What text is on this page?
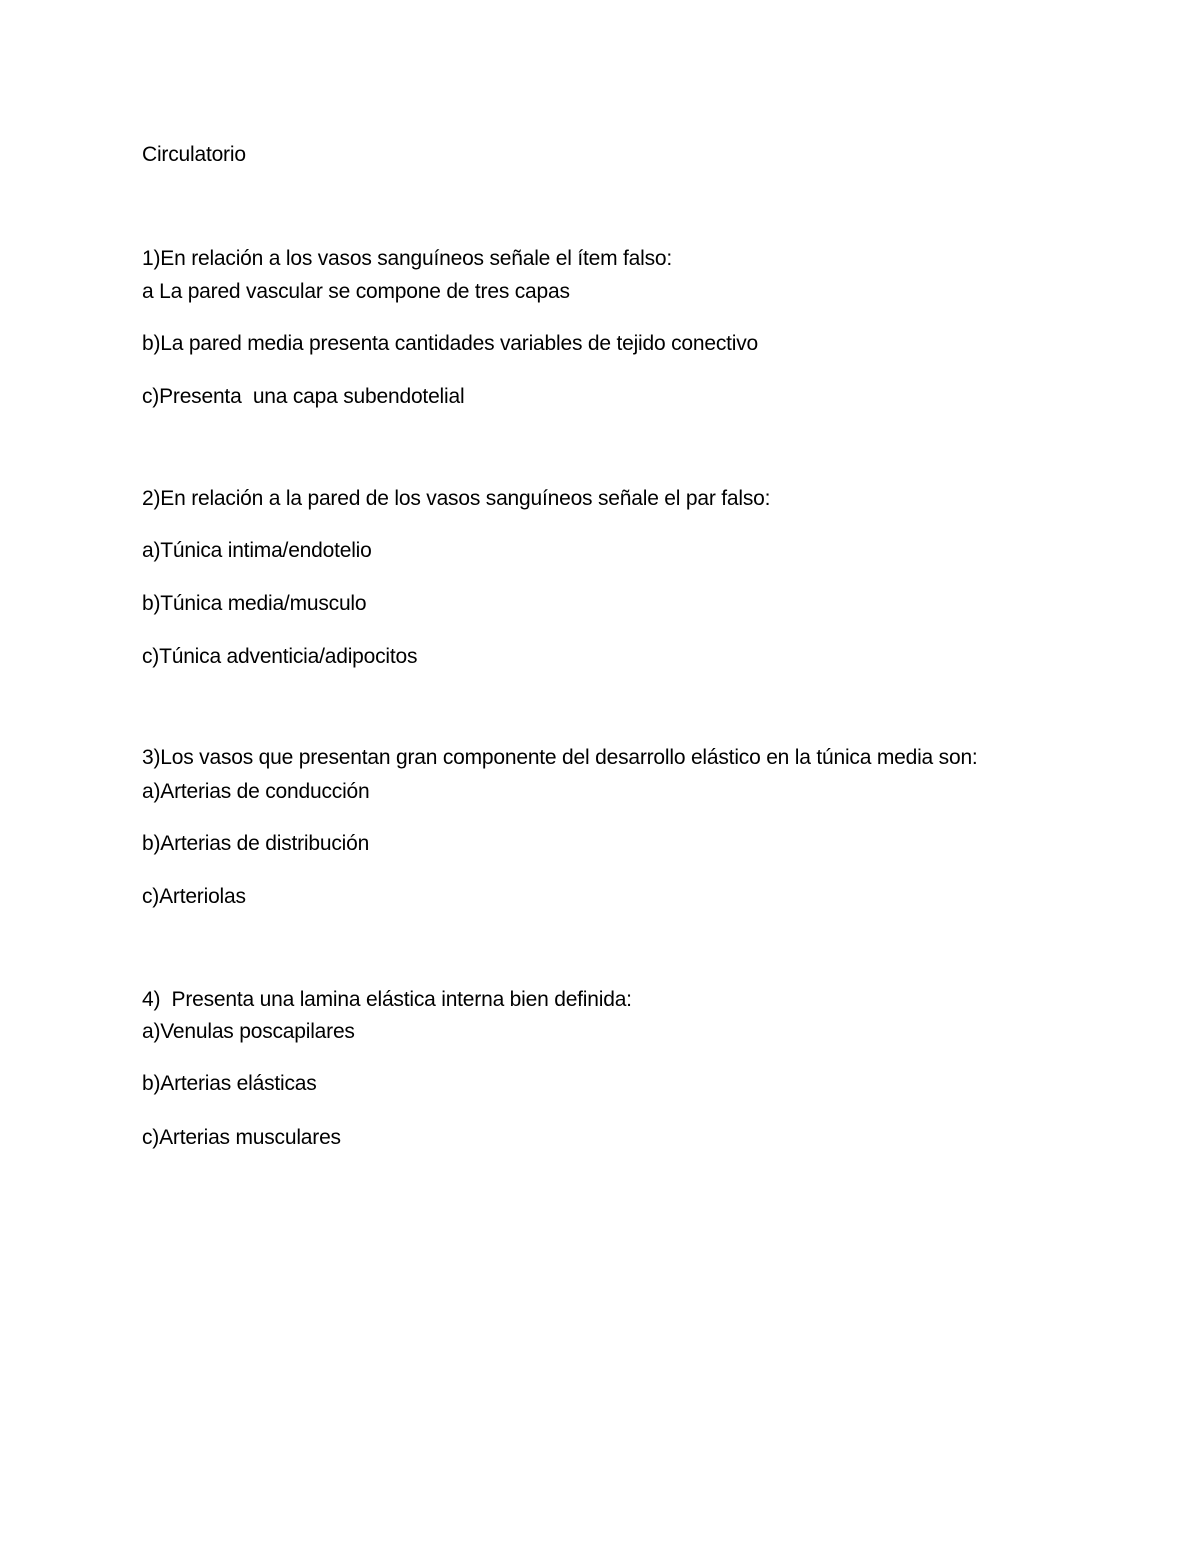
Circulatorio
1)En relación a los vasos sanguíneos señale el ítem falso:
a La pared vascular se compone de tres capas
b)La pared media presenta cantidades variables de tejido conectivo
c)Presenta  una capa subendotelial
2)En relación a la pared de los vasos sanguíneos señale el par falso:
a)Túnica intima/endotelio
b)Túnica media/musculo
c)Túnica adventicia/adipocitos
3)Los vasos que presentan gran componente del desarrollo elástico en la túnica media son:
a)Arterias de conducción
b)Arterias de distribución
c)Arteriolas
4)  Presenta una lamina elástica interna bien definida:
a)Venulas poscapilares
b)Arterias elásticas
c)Arterias musculares
